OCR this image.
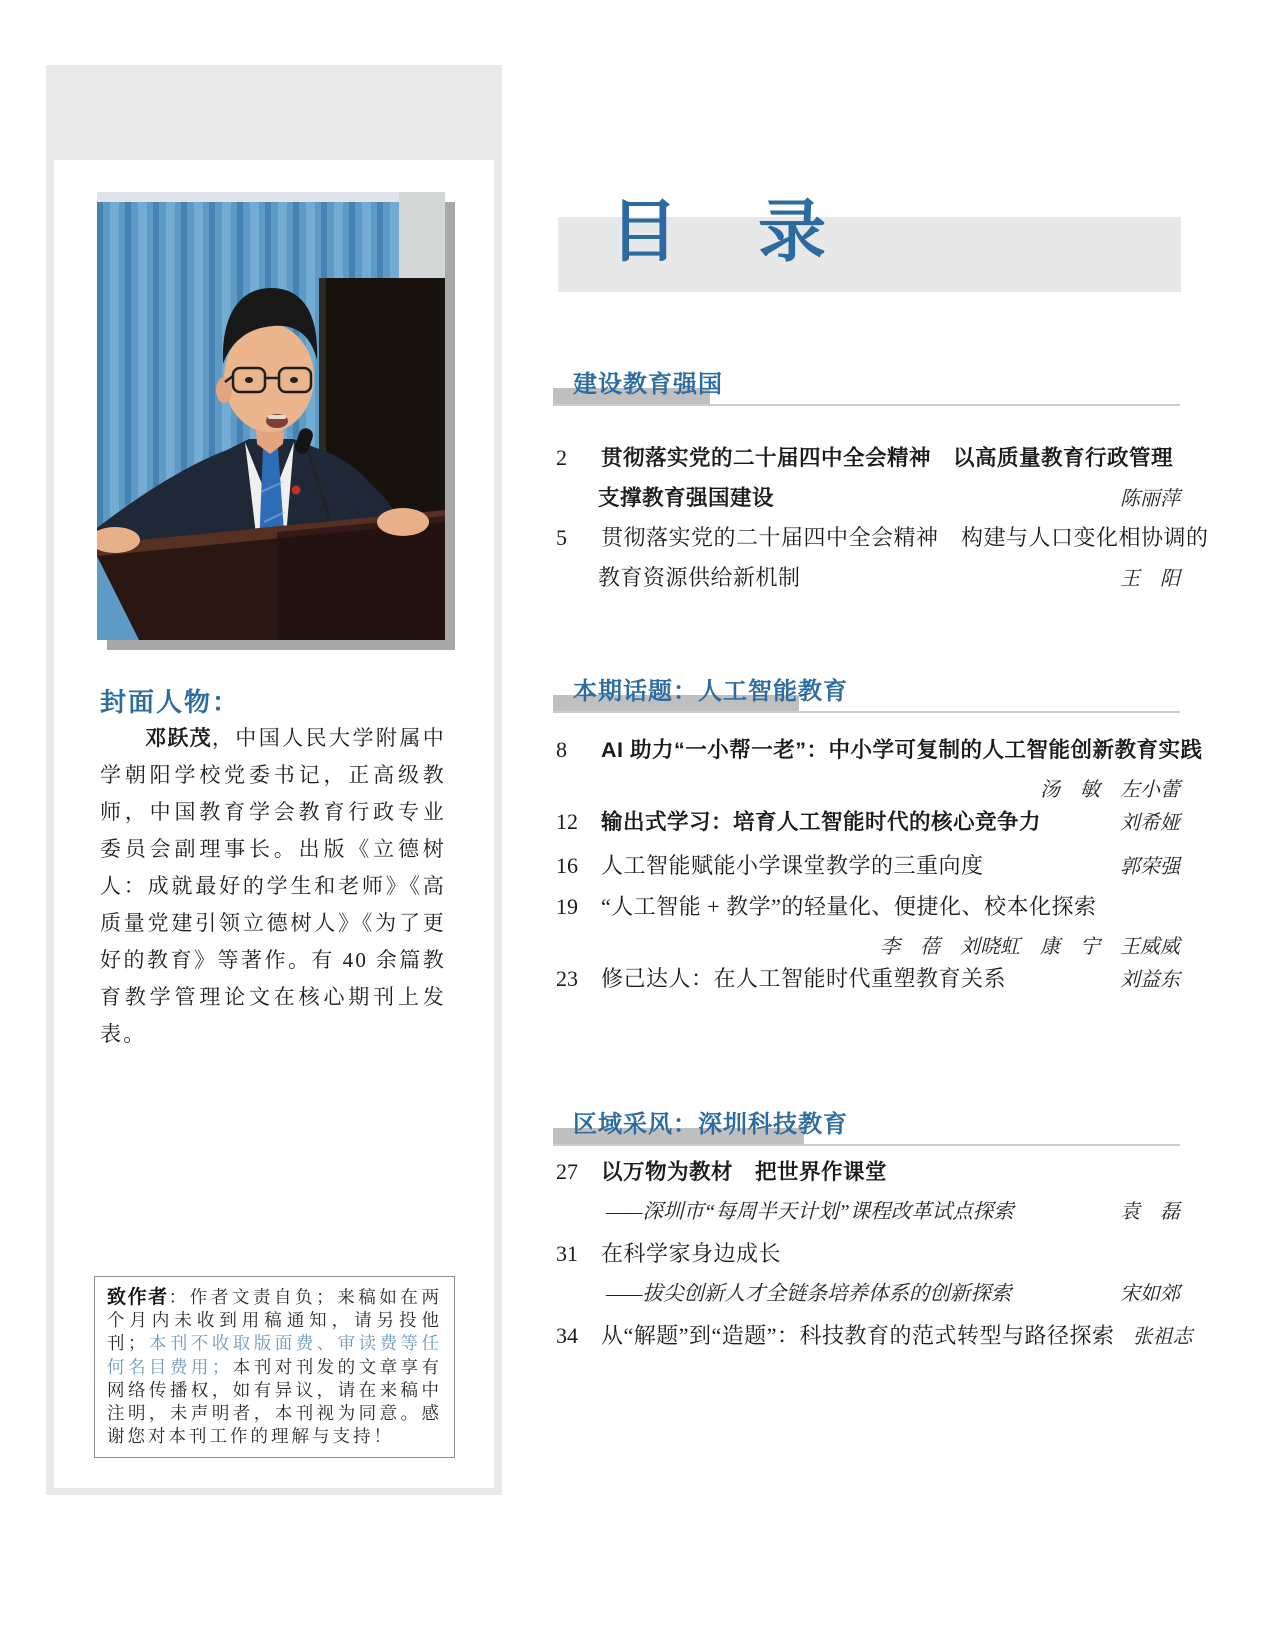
封面人物：

邓跃茂，中国人民大学附属中学朝阳学校党委书记，正高级教师，中国教育学会教育行政专业委员会副理事长。出版《立德树人：成就最好的学生和老师》《高质量党建引领立德树人》《为了更好的教育》等著作。有 40 余篇教育教学管理论文在核心期刊上发表。

致作者：作者文责自负；来稿如在两个月内未收到用稿通知，请另投他刊；本刊不收取版面费、审读费等任何名目费用；本刊对刊发的文章享有网络传播权，如有异议，请在来稿中注明，未声明者，本刊视为同意。感谢您对本刊工作的理解与支持！
目　录
建设教育强国
2	贯彻落实党的二十届四中全会精神　以高质量教育行政管理
支撑教育强国建设	陈丽萍
5	贯彻落实党的二十届四中全会精神　构建与人口变化相协调的
教育资源供给新机制	王　阳
本期话题：人工智能教育
8	AI 助力“一小帮一老”：中小学可复制的人工智能创新教育实践
汤　敏　左小蕾
12	输出式学习：培育人工智能时代的核心竞争力	刘希娅
16	人工智能赋能小学课堂教学的三重向度	郭荣强
19	“人工智能 + 教学”的轻量化、便捷化、校本化探索
李　蓓　刘晓虹　康　宁　王威威
23	修己达人：在人工智能时代重塑教育关系	刘益东
区域采风：深圳科技教育
27	以万物为教材　把世界作课堂
——深圳市“每周半天计划”课程改革试点探索	袁　磊
31	在科学家身边成长
——拔尖创新人才全链条培养体系的创新探索	宋如郊
34	从“解题”到“造题”：科技教育的范式转型与路径探索 张祖志
